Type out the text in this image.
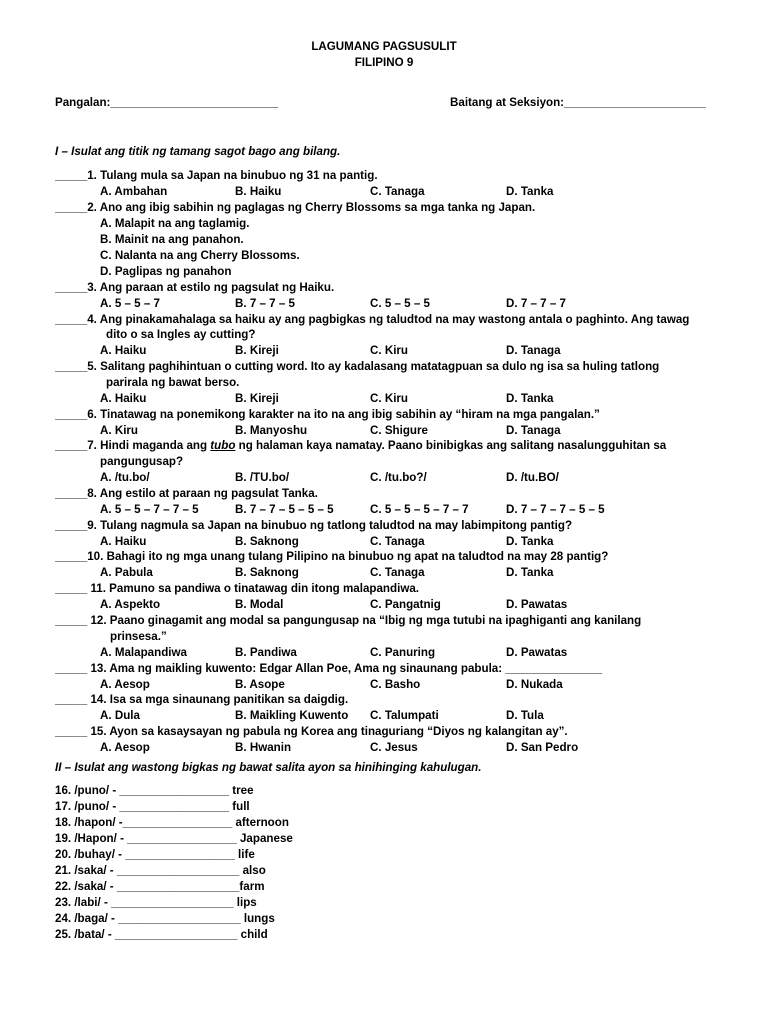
LAGUMANG PAGSUSULIT
FILIPINO 9
Pangalan:__________________________	Baitang at Seksiyon:______________________
I – Isulat ang titik ng tamang sagot bago ang bilang.
_____1. Tulang mula sa Japan na binubuo ng 31 na pantig.
A. Ambahan	B. Haiku	C. Tanaga	D. Tanka
_____2. Ano ang ibig sabihin ng paglagas ng Cherry Blossoms sa mga tanka ng Japan.
A. Malapit na ang taglamig.
B. Mainit na ang panahon.
C. Nalanta na ang Cherry Blossoms.
D. Paglipas ng panahon
_____3. Ang paraan at estilo ng pagsulat ng Haiku.
A. 5 – 5 – 7	B. 7 – 7 – 5	C. 5 – 5 – 5	D. 7 – 7 – 7
_____4. Ang pinakamahalaga sa haiku ay ang pagbigkas ng taludtod na may wastong antala o paghinto. Ang tawag
dito o sa Ingles ay cutting?
A. Haiku	B. Kireji	C. Kiru	D. Tanaga
_____5. Salitang paghihintuan o cutting word. Ito ay kadalasang matatagpuan sa dulo ng isa sa huling tatlong
parirala ng bawat berso.
A. Haiku	B. Kireji	C. Kiru	D. Tanka
_____6. Tinatawag na ponemikong karakter na ito na ang ibig sabihin ay “hiram na mga pangalan.”
A. Kiru	B. Manyoshu	C. Shigure	D. Tanaga
_____7. Hindi maganda ang tubo ng halaman kaya namatay. Paano binibigkas ang salitang nasalungguhitan sa
pangungusap?
A. /tu.bo/	B. /TU.bo/	C. /tu.bo?/	D. /tu.BO/
_____8. Ang estilo at paraan ng pagsulat Tanka.
A. 5 – 5 – 7 – 7 – 5	B. 7 – 7 – 5 – 5 – 5	C. 5 – 5 – 5 – 7 – 7	D. 7 – 7 – 7 – 5 – 5
_____9. Tulang nagmula sa Japan na binubuo ng tatlong taludtod na may labimpitong pantig?
A. Haiku	B. Saknong	C. Tanaga	D. Tanka
_____10. Bahagi ito ng mga unang tulang Pilipino na binubuo ng apat na taludtod na may 28 pantig?
A. Pabula	B. Saknong	C. Tanaga	D. Tanka
_____ 11. Pamuno sa pandiwa o tinatawag din itong malapandiwa.
A. Aspekto	B. Modal	C. Pangatnig	D. Pawatas
_____ 12. Paano ginagamit ang modal sa pangungusap na “Ibig ng mga tutubi na ipaghiganti ang kanilang
prinsesa.”
A. Malapandiwa	B. Pandiwa	C. Panuring	D. Pawatas
_____ 13. Ama ng maikling kuwento: Edgar Allan Poe, Ama ng sinaunang pabula: _______________
A. Aesop	B. Asope	C. Basho	D. Nukada
_____ 14. Isa sa mga sinaunang panitikan sa daigdig.
A. Dula	B. Maikling Kuwento C. Talumpati	D. Tula
_____ 15. Ayon sa kasaysayan ng pabula ng Korea ang tinaguriang “Diyos ng kalangitan ay”.
A. Aesop	B. Hwanin	C. Jesus	D. San Pedro
II – Isulat ang wastong bigkas ng bawat salita ayon sa hinihinging kahulugan.
16. /puno/ - _________________ tree
17. /puno/ - _________________ full
18. /hapon/ -_________________ afternoon
19. /Hapon/ - _________________ Japanese
20. /buhay/ - _________________ life
21. /saka/ - ___________________ also
22. /saka/ - ___________________farm
23. /labi/ - ___________________ lips
24. /baga/ - ___________________ lungs
25. /bata/ - ___________________ child
